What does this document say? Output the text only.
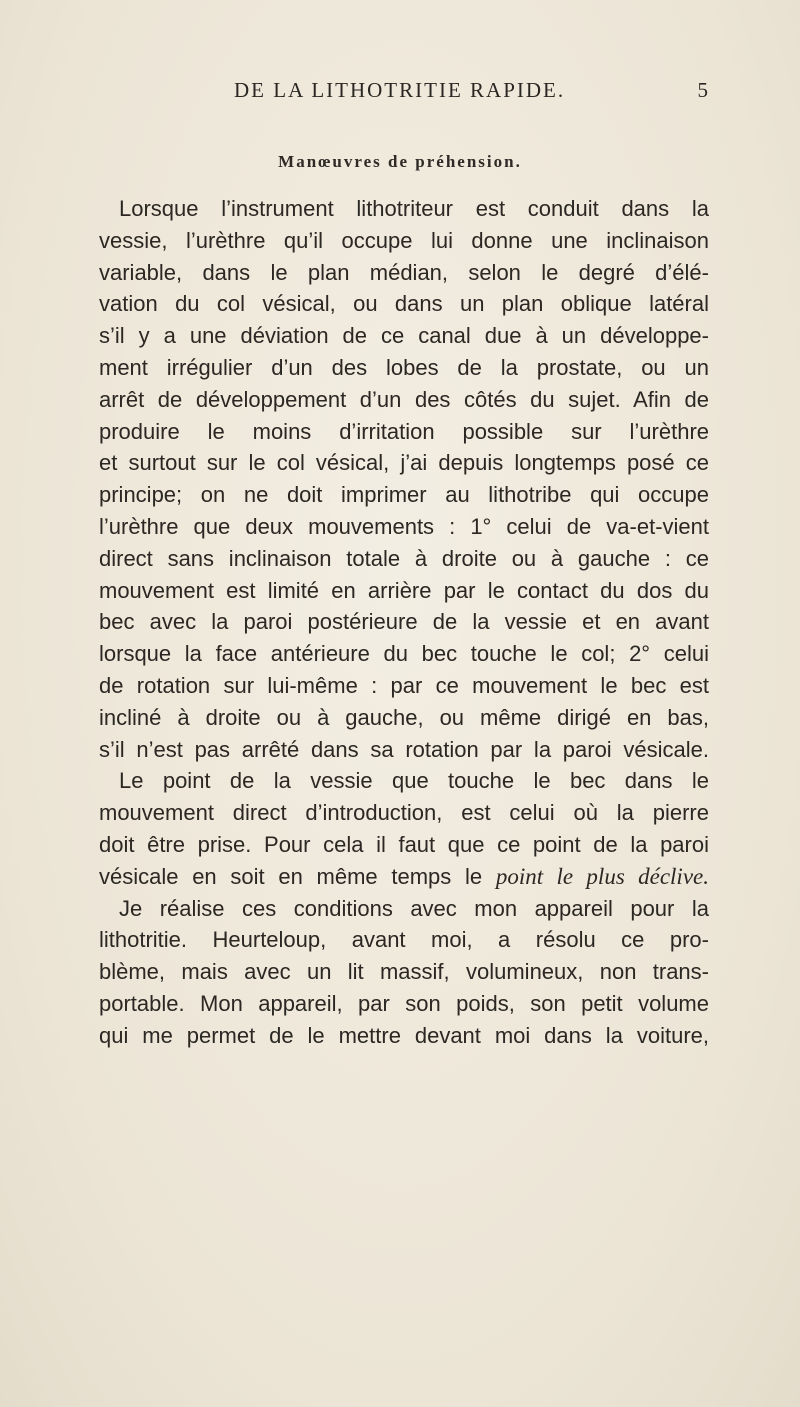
DE LA LITHOTRITIE RAPIDE.	5
Manœuvres de préhension.
Lorsque l’instrument lithotriteur est conduit dans la
vessie, l’urèthre qu’il occupe lui donne une inclinaison
variable, dans le plan médian, selon le degré d’élé-
vation du col vésical, ou dans un plan oblique latéral
s’il y a une déviation de ce canal due à un développe-
ment irrégulier d’un des lobes de la prostate, ou un
arrêt de développement d’un des côtés du sujet. Afin de
produire le moins d’irritation possible sur l’urèthre
et surtout sur le col vésical, j’ai depuis longtemps posé ce
principe; on ne doit imprimer au lithotribe qui occupe
l’urèthre que deux mouvements : 1° celui de va-et-vient
direct sans inclinaison totale à droite ou à gauche : ce
mouvement est limité en arrière par le contact du dos du
bec avec la paroi postérieure de la vessie et en avant
lorsque la face antérieure du bec touche le col; 2° celui
de rotation sur lui-même : par ce mouvement le bec est
incliné à droite ou à gauche, ou même dirigé en bas,
s’il n’est pas arrêté dans sa rotation par la paroi vésicale.
Le point de la vessie que touche le bec dans le
mouvement direct d’introduction, est celui où la pierre
doit être prise. Pour cela il faut que ce point de la paroi
vésicale en soit en même temps le point le plus déclive.
Je réalise ces conditions avec mon appareil pour la
lithotritie. Heurteloup, avant moi, a résolu ce pro-
blème, mais avec un lit massif, volumineux, non trans-
portable. Mon appareil, par son poids, son petit volume
qui me permet de le mettre devant moi dans la voiture,
